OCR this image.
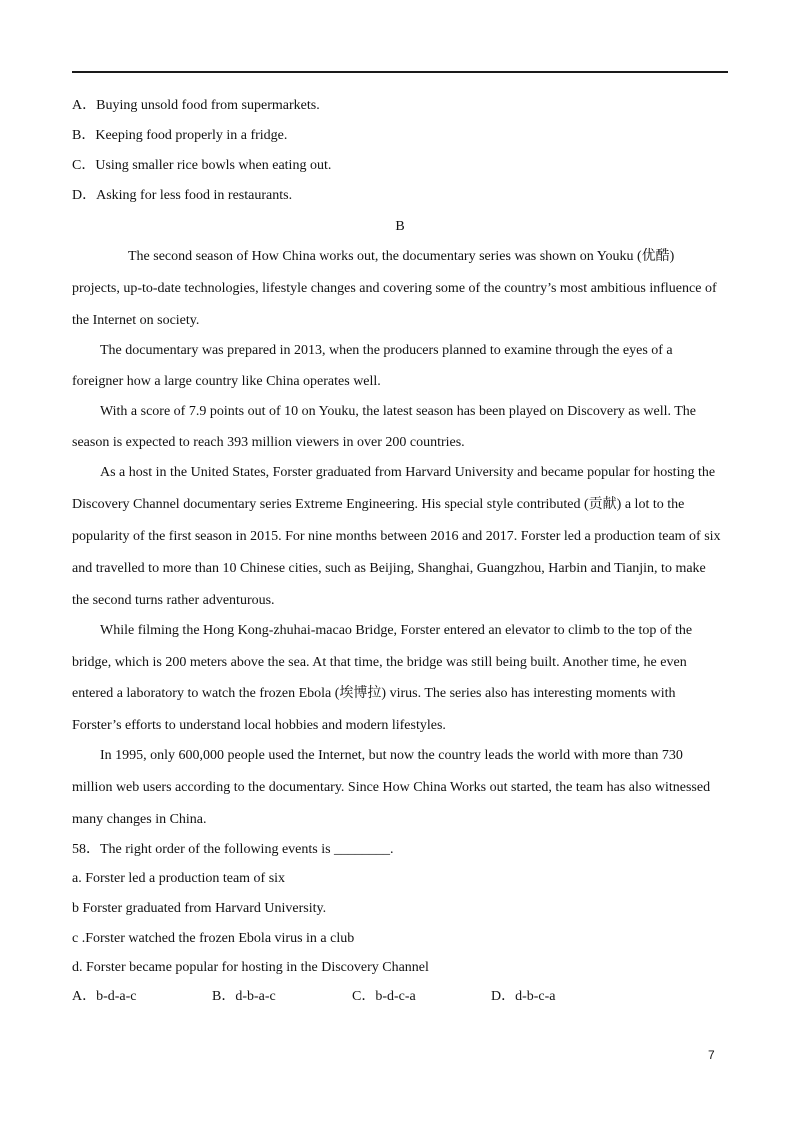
A．Buying unsold food from supermarkets.
B．Keeping food properly in a fridge.
C．Using smaller rice bowls when eating out.
D．Asking for less food in restaurants.
B
The second season of How China works out, the documentary series was shown on Youku (优酷)
projects, up-to-date technologies, lifestyle changes and covering some of the country’s most ambitious influence of
the Internet on society.
The documentary was prepared in 2013, when the producers planned to examine through the eyes of a
foreigner how a large country like China operates well.
With a score of 7.9 points out of 10 on Youku, the latest season has been played on Discovery as well. The
season is expected to reach 393 million viewers in over 200 countries.
As a host in the United States, Forster graduated from Harvard University and became popular for hosting the
Discovery Channel documentary series Extreme Engineering. His special style contributed (贡献) a lot to the
popularity of the first season in 2015. For nine months between 2016 and 2017. Forster led a production team of six
and travelled to more than 10 Chinese cities, such as Beijing, Shanghai, Guangzhou, Harbin and Tianjin, to make
the second turns rather adventurous.
While filming the Hong Kong-zhuhai-macao Bridge, Forster entered an elevator to climb to the top of the
bridge, which is 200 meters above the sea. At that time, the bridge was still being built. Another time, he even
entered a laboratory to watch the frozen Ebola (埃博拉) virus. The series also has interesting moments with
Forster’s efforts to understand local hobbies and modern lifestyles.
In 1995, only 600,000 people used the Internet, but now the country leads the world with more than 730
million web users according to the documentary. Since How China Works out started, the team has also witnessed
many changes in China.
58．The right order of the following events is ________.
a. Forster led a production team of six
b Forster graduated from Harvard University.
c .Forster watched the frozen Ebola virus in a club
d. Forster became popular for hosting in the Discovery Channel
A．b-d-a-c	B．d-b-a-c	C．b-d-c-a	D．d-b-c-a
7
